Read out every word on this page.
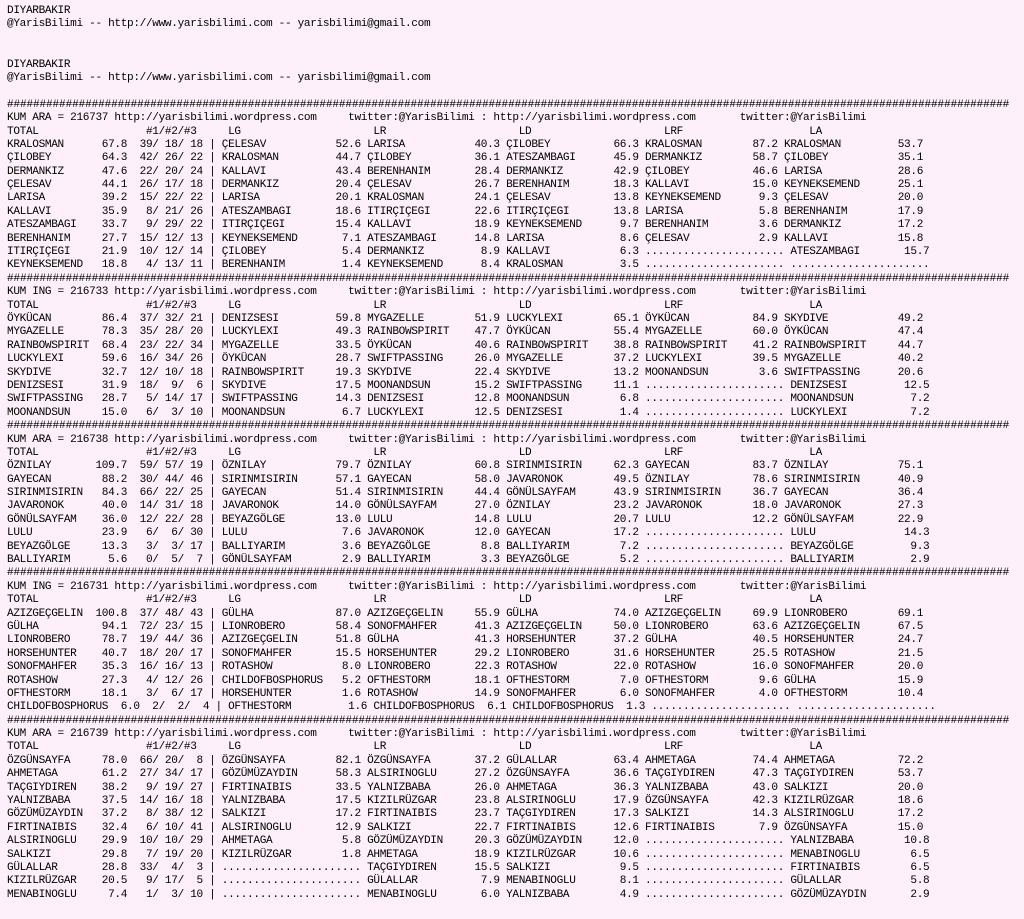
DIYARBAKIR
@YarisBilimi -- http://www.yarisbilimi.com -- yarisbilimi@gmail.com

DIYARBAKIR
@YarisBilimi -- http://www.yarisbilimi.com -- yarisbilimi@gmail.com

##########################################################################################################################################################
KUM ARA = 216737 http://yarisbilimi.wordpress.com     twitter:@YarisBilimi : http://yarisbilimi.wordpress.com       twitter:@YarisBilimi
TOTAL                 #1/#2/#3     LG                     LR                     LD                     LRF                    LA
KRALOSMAN      67.8  39/ 18/ 18 | ÇELESAV           52.6 LARISA           40.3 ÇILOBEY          66.3 KRALOSMAN        87.2 KRALOSMAN         53.7
ÇILOBEY        64.3  42/ 26/ 22 | KRALOSMAN         44.7 ÇILOBEY          36.1 ATESZAMBAGI      45.9 DERMANKIZ        58.7 ÇILOBEY           35.1
DERMANKIZ      47.6  22/ 20/ 24 | KALLAVI           43.4 BERENHANIM       28.4 DERMANKIZ        42.9 ÇILOBEY          46.6 LARISA            28.6
ÇELESAV        44.1  26/ 17/ 18 | DERMANKIZ         20.4 ÇELESAV          26.7 BERENHANIM       18.3 KALLAVI          15.0 KEYNEKSEMEND      25.1
LARISA         39.2  15/ 22/ 22 | LARISA            20.1 KRALOSMAN        24.1 ÇELESAV          13.8 KEYNEKSEMEND      9.3 ÇELESAV           20.0
KALLAVI        35.9   8/ 21/ 26 | ATESZAMBAGI       18.6 ITIRÇIÇEGI       22.6 ITIRÇIÇEGI       13.8 LARISA            5.8 BERENHANIM        17.9
ATESZAMBAGI    33.7   9/ 29/ 22 | ITIRÇIÇEGI        15.4 KALLAVI          18.9 KEYNEKSEMEND      9.7 BERENHANIM        3.6 DERMANKIZ         17.2
BERENHANIM     27.7  15/ 12/ 13 | KEYNEKSEMEND       7.1 ATESZAMBAGI      14.8 LARISA            8.6 ÇELESAV           2.9 KALLAVI           15.8
ITIRÇIÇEGI     21.9  10/ 12/ 14 | ÇILOBEY            5.4 DERMANKIZ         8.9 KALLAVI           6.3 ...................... ATESZAMBAGI       15.7
KEYNEKSEMEND   18.8   4/ 13/ 11 | BERENHANIM         1.4 KEYNEKSEMEND      8.4 KRALOSMAN         3.5 ...................... ......................
##########################################################################################################################################################
KUM ING = 216733 http://yarisbilimi.wordpress.com     twitter:@YarisBilimi : http://yarisbilimi.wordpress.com       twitter:@YarisBilimi
TOTAL                 #1/#2/#3     LG                     LR                     LD                     LRF                    LA
ÖYKÜCAN        86.4  37/ 32/ 21 | DENIZSESI         59.8 MYGAZELLE        51.9 LUCKYLEXI        65.1 ÖYKÜCAN          84.9 SKYDIVE           49.2
MYGAZELLE      78.3  35/ 28/ 20 | LUCKYLEXI         49.3 RAINBOWSPIRIT    47.7 ÖYKÜCAN          55.4 MYGAZELLE        60.0 ÖYKÜCAN           47.4
RAINBOWSPIRIT  68.4  23/ 22/ 34 | MYGAZELLE         33.5 ÖYKÜCAN          40.6 RAINBOWSPIRIT    38.8 RAINBOWSPIRIT    41.2 RAINBOWSPIRIT     44.7
LUCKYLEXI      59.6  16/ 34/ 26 | ÖYKÜCAN           28.7 SWIFTPASSING     26.0 MYGAZELLE        37.2 LUCKYLEXI        39.5 MYGAZELLE         40.2
SKYDIVE        32.7  12/ 10/ 18 | RAINBOWSPIRIT     19.3 SKYDIVE          22.4 SKYDIVE          13.2 MOONANDSUN        3.6 SWIFTPASSING      20.6
DENIZSESI      31.9  18/  9/  6 | SKYDIVE           17.5 MOONANDSUN       15.2 SWIFTPASSING     11.1 ...................... DENIZSESI         12.5
SWIFTPASSING   28.7   5/ 14/ 17 | SWIFTPASSING      14.3 DENIZSESI        12.8 MOONANDSUN        6.8 ...................... MOONANDSUN         7.2
MOONANDSUN     15.0   6/  3/ 10 | MOONANDSUN         6.7 LUCKYLEXI        12.5 DENIZSESI         1.4 ...................... LUCKYLEXI          7.2
##########################################################################################################################################################
KUM ARA = 216738 http://yarisbilimi.wordpress.com     twitter:@YarisBilimi : http://yarisbilimi.wordpress.com       twitter:@YarisBilimi
TOTAL                 #1/#2/#3     LG                     LR                     LD                     LRF                    LA
ÖZNILAY       109.7  59/ 57/ 19 | ÖZNILAY           79.7 ÖZNILAY          60.8 SIRINMISIRIN     62.3 GAYECAN          83.7 ÖZNILAY           75.1
GAYECAN        88.2  30/ 44/ 46 | SIRINMISIRIN      57.1 GAYECAN          58.0 JAVARONOK        49.5 ÖZNILAY          78.6 SIRINMISIRIN      40.9
SIRINMISIRIN   84.3  66/ 22/ 25 | GAYECAN           51.4 SIRINMISIRIN     44.4 GÖNÜLSAYFAM      43.9 SIRINMISIRIN     36.7 GAYECAN           36.4
JAVARONOK      40.0  14/ 31/ 18 | JAVARONOK         14.0 GÖNÜLSAYFAM      27.0 ÖZNILAY          23.2 JAVARONOK        18.0 JAVARONOK         27.3
GÖNÜLSAYFAM    36.0  12/ 22/ 28 | BEYAZGÖLGE        13.0 LULU             14.8 LULU             20.7 LULU             12.2 GÖNÜLSAYFAM       22.9
LULU           23.9   6/  6/ 30 | LULU               7.6 JAVARONOK        12.0 GAYECAN          17.2 ...................... LULU              14.3
BEYAZGÖLGE     13.3   3/  3/ 17 | BALLIYARIM         3.6 BEYAZGÖLGE        8.8 BALLIYARIM        7.2 ...................... BEYAZGÖLGE         9.3
BALLIYARIM      5.6   0/  5/  7 | GÖNÜLSAYFAM        2.9 BALLIYARIM        3.3 BEYAZGÖLGE        5.2 ...................... BALLIYARIM         2.9
##########################################################################################################################################################
KUM ING = 216731 http://yarisbilimi.wordpress.com     twitter:@YarisBilimi : http://yarisbilimi.wordpress.com       twitter:@YarisBilimi
TOTAL                 #1/#2/#3     LG                     LR                     LD                     LRF                    LA
AZIZGEÇGELIN  100.8  37/ 48/ 43 | GÜLHA             87.0 AZIZGEÇGELIN     55.9 GÜLHA            74.0 AZIZGEÇGELIN     69.9 LIONROBERO        69.1
GÜLHA          94.1  72/ 23/ 15 | LIONROBERO        58.4 SONOFMAHFER      41.3 AZIZGEÇGELIN     50.0 LIONROBERO       63.6 AZIZGEÇGELIN      67.5
LIONROBERO     78.7  19/ 44/ 36 | AZIZGEÇGELIN      51.8 GÜLHA            41.3 HORSEHUNTER      37.2 GÜLHA            40.5 HORSEHUNTER       24.7
HORSEHUNTER    40.7  18/ 20/ 17 | SONOFMAHFER       15.5 HORSEHUNTER      29.2 LIONROBERO       31.6 HORSEHUNTER      25.5 ROTASHOW          21.5
SONOFMAHFER    35.3  16/ 16/ 13 | ROTASHOW           8.0 LIONROBERO       22.3 ROTASHOW         22.0 ROTASHOW         16.0 SONOFMAHFER       20.0
ROTASHOW       27.3   4/ 12/ 26 | CHILDOFBOSPHORUS   5.2 OFTHESTORM       18.1 OFTHESTORM        7.0 OFTHESTORM        9.6 GÜLHA             15.9
OFTHESTORM     18.1   3/  6/ 17 | HORSEHUNTER        1.6 ROTASHOW         14.9 SONOFMAHFER       6.0 SONOFMAHFER       4.0 OFTHESTORM        10.4
CHILDOFBOSPHORUS  6.0  2/  2/  4 | OFTHESTORM         1.6 CHILDOFBOSPHORUS  6.1 CHILDOFBOSPHORUS  1.3 ...................... ......................
##########################################################################################################################################################
KUM ARA = 216739 http://yarisbilimi.wordpress.com     twitter:@YarisBilimi : http://yarisbilimi.wordpress.com       twitter:@YarisBilimi
TOTAL                 #1/#2/#3     LG                     LR                     LD                     LRF                    LA
ÖZGÜNSAYFA     78.0  66/ 20/  8 | ÖZGÜNSAYFA        82.1 ÖZGÜNSAYFA       37.2 GÜLALLAR         63.4 AHMETAGA         74.4 AHMETAGA          72.2
AHMETAGA       61.2  27/ 34/ 17 | GÖZÜMÜZAYDIN      58.3 ALSIRINOGLU      27.2 ÖZGÜNSAYFA       36.6 TAÇGIYDIREN      47.3 TAÇGIYDIREN       53.7
TAÇGIYDIREN    38.2   9/ 19/ 27 | FIRTINAIBIS       33.5 YALNIZBABA       26.0 AHMETAGA         36.3 YALNIZBABA       43.0 SALKIZI           20.0
YALNIZBABA     37.5  14/ 16/ 18 | YALNIZBABA        17.5 KIZILRÜZGAR      23.8 ALSIRINOGLU      17.9 ÖZGÜNSAYFA       42.3 KIZILRÜZGAR       18.6
GÖZÜMÜZAYDIN   37.2   8/ 38/ 12 | SALKIZI           17.2 FIRTINAIBIS      23.7 TAÇGIYDIREN      17.3 SALKIZI          14.3 ALSIRINOGLU       17.2
FIRTINAIBIS    32.4   6/ 10/ 41 | ALSIRINOGLU       12.9 SALKIZI          22.7 FIRTINAIBIS      12.6 FIRTINAIBIS       7.9 ÖZGÜNSAYFA        15.0
ALSIRINOGLU    29.9  10/ 10/ 29 | AHMETAGA           5.8 GÖZÜMÜZAYDIN     20.3 GÖZÜMÜZAYDIN     12.0 ...................... YALNIZBABA        10.8
SALKIZI        29.8   7/ 19/ 20 | KIZILRÜZGAR        1.8 AHMETAGA         18.9 KIZILRÜZGAR      10.6 ...................... MENABINOGLU        6.5
GÜLALLAR       28.8  33/  4/  3 | ...................... TAÇGIYDIREN      15.5 SALKIZI           9.5 ...................... FIRTINAIBIS        6.5
KIZILRÜZGAR    20.5   9/ 17/  5 | ...................... GÜLALLAR          7.9 MENABINOGLU       8.1 ...................... GÜLALLAR           5.8
MENABINOGLU     7.4   1/  3/ 10 | ...................... MENABINOGLU       6.0 YALNIZBABA        4.9 ...................... GÖZÜMÜZAYDIN       2.9
